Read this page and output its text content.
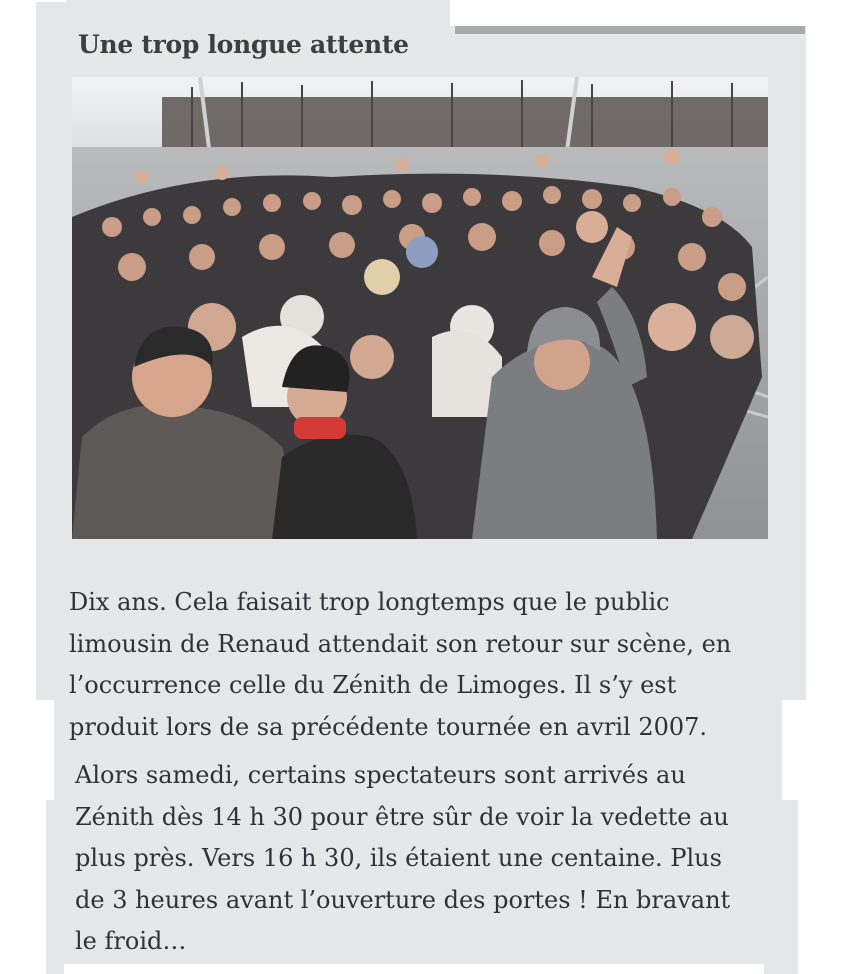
Une trop longue attente

Dix ans. Cela faisait trop longtemps que le public
limousin de Renaud attendait son retour sur scène, en
l’occurrence celle du Zénith de Limoges. Il s’y est
produit lors de sa précédente tournée en avril 2007.

Alors samedi, certains spectateurs sont arrivés au
Zénith dès 14 h 30 pour être sûr de voir la vedette au
plus près. Vers 16 h 30, ils étaient une centaine. Plus
de 3 heures avant l’ouverture des portes ! En bravant
le froid…
